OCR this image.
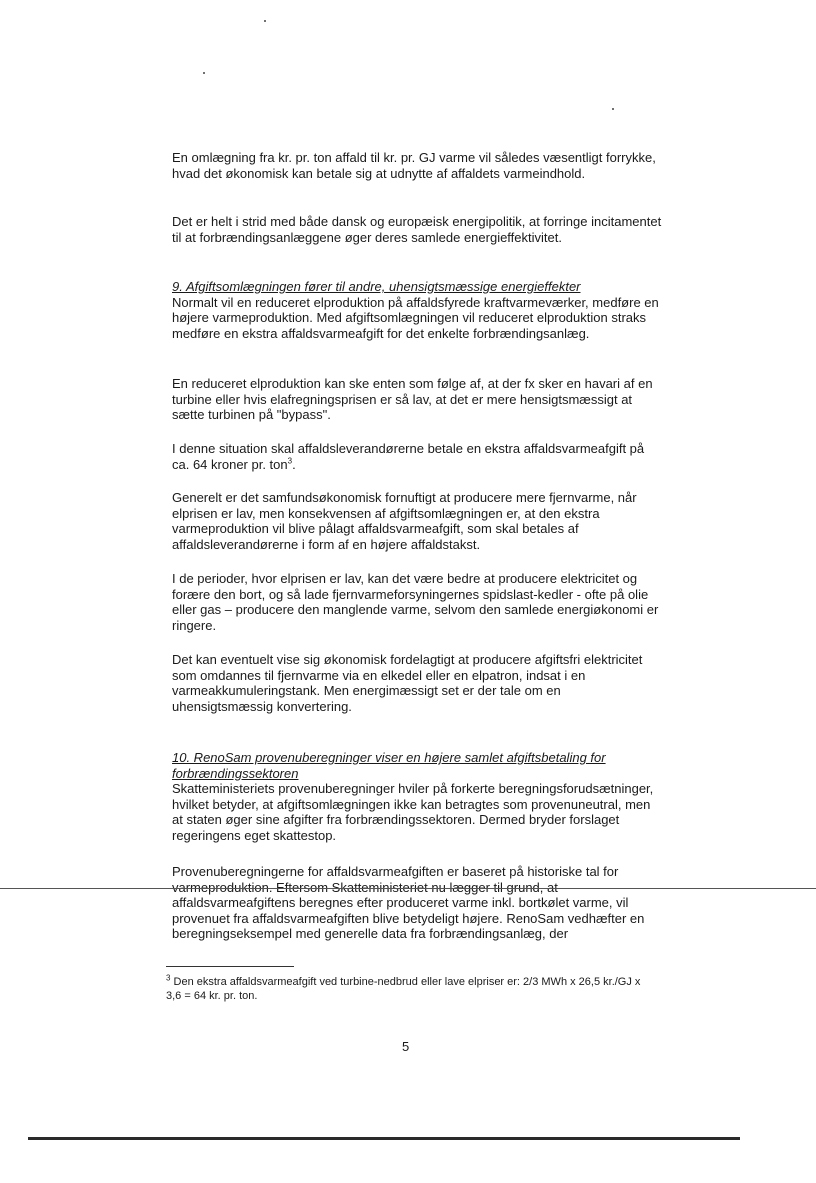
En omlægning fra kr. pr. ton affald til kr. pr. GJ varme vil således væsentligt forrykke, hvad det økonomisk kan betale sig at udnytte af affaldets varmeindhold.

Det er helt i strid med både dansk og europæisk energipolitik, at forringe incitamentet til at forbrændingsanlæggene øger deres samlede energieffektivitet.

9. Afgiftsomlægningen fører til andre, uhensigtsmæssige energieffekter
Normalt vil en reduceret elproduktion på affaldsfyrede kraftvarmeværker, medføre en højere varmeproduktion. Med afgiftsomlægningen vil reduceret elproduktion straks medføre en ekstra affaldsvarmeafgift for det enkelte forbrændingsanlæg.

En reduceret elproduktion kan ske enten som følge af, at der fx sker en havari af en turbine eller hvis elafregningsprisen er så lav, at det er mere hensigtsmæssigt at sætte turbinen på "bypass".

I denne situation skal affaldsleverandørerne betale en ekstra affaldsvarmeafgift på ca. 64 kroner pr. ton$^3$.

Generelt er det samfundsøkonomisk fornuftigt at producere mere fjernvarme, når elprisen er lav, men konsekvensen af afgiftsomlægningen er, at den ekstra varmeproduktion vil blive pålagt affaldsvarmeafgift, som skal betales af affaldsleverandørerne i form af en højere affaldstakst.

I de perioder, hvor elprisen er lav, kan det være bedre at producere elektricitet og forære den bort, og så lade fjernvarmeforsyningernes spidslast-kedler - ofte på olie eller gas – producere den manglende varme, selvom den samlede energiøkonomi er ringere.

Det kan eventuelt vise sig økonomisk fordelagtigt at producere afgiftsfri elektricitet som omdannes til fjernvarme via en elkedel eller en elpatron, indsat i en varmeakkumuleringstank. Men energimæssigt set er der tale om en uhensigtsmæssig konvertering.

10. RenoSam provenuberegninger viser en højere samlet afgiftsbetaling for forbrændingssektoren
Skatteministeriets provenuberegninger hviler på forkerte beregningsforudsætninger, hvilket betyder, at afgiftsomlægningen ikke kan betragtes som provenuneutral, men at staten øger sine afgifter fra forbrændingssektoren. Dermed bryder forslaget regeringens eget skattestop.

Provenuberegningerne for affaldsvarmeafgiften er baseret på historiske tal for varmeproduktion. Eftersom Skatteministeriet nu lægger til grund, at affaldsvarmeafgiftens beregnes efter produceret varme inkl. bortkølet varme, vil provenuet fra affaldsvarmeafgiften blive betydeligt højere. RenoSam vedhæfter en beregningseksempel med generelle data fra forbrændingsanlæg, der

$^3$ Den ekstra affaldsvarmeafgift ved turbine-nedbrud eller lave elpriser er: 2/3 MWh x 26,5 kr./GJ x 3,6 = 64 kr. pr. ton.
5
